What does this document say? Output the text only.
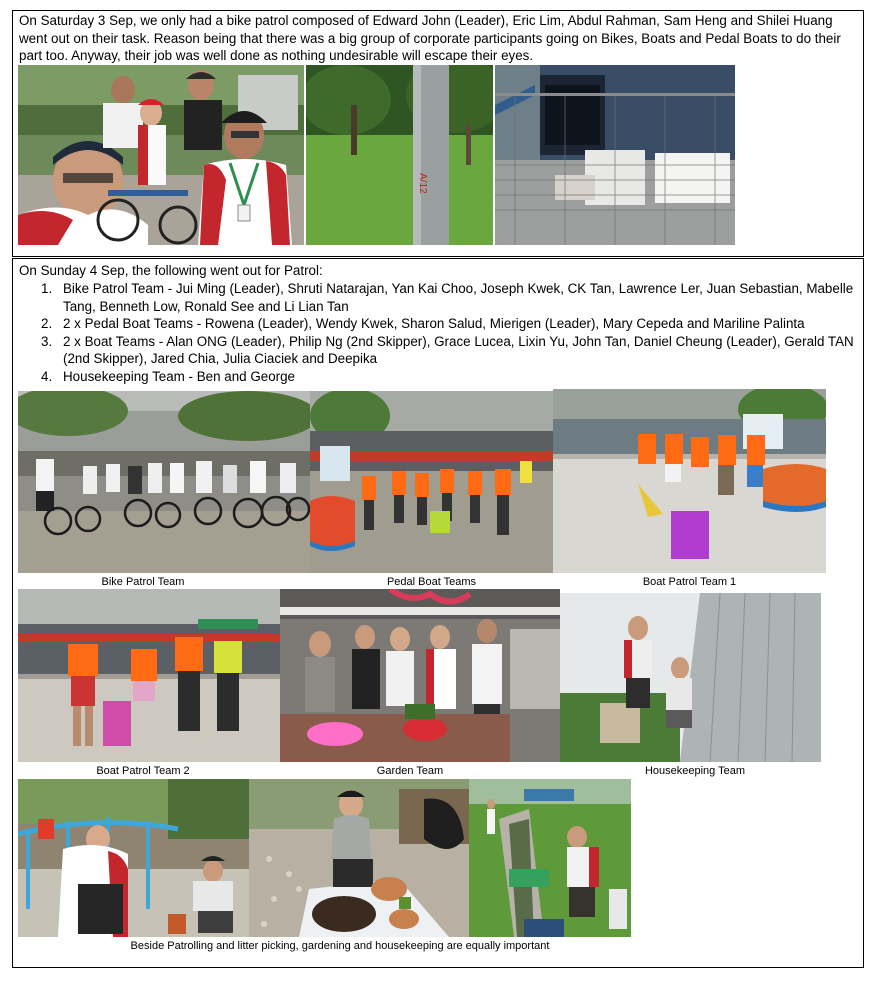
On Saturday 3 Sep, we only had a bike patrol composed of Edward John (Leader), Eric Lim, Abdul Rahman, Sam Heng and Shilei Huang went out on their task. Reason being that there was a big group of corporate participants going on Bikes, Boats and Pedal Boats to do their part too. Anyway, their job was well done as nothing undesirable will escape their eyes.

A/12

On Sunday 4 Sep, the following went out for Patrol:

1. Bike Patrol Team - Jui Ming (Leader), Shruti Natarajan, Yan Kai Choo, Joseph Kwek, CK Tan, Lawrence Ler, Juan Sebastian, Mabelle Tang, Benneth Low, Ronald See and Li Lian Tan
2. 2 x Pedal Boat Teams - Rowena (Leader), Wendy Kwek, Sharon Salud, Mierigen (Leader), Mary Cepeda and Mariline Palinta
3. 2 x Boat Teams - Alan ONG (Leader), Philip Ng (2nd Skipper), Grace Lucea, Lixin Yu, John Tan, Daniel Cheung (Leader), Gerald TAN (2nd Skipper), Jared Chia, Julia Ciaciek and Deepika
4. Housekeeping Team - Ben and George
Bike Patrol Team	Pedal Boat Teams	Boat Patrol Team 1
Boat Patrol Team 2	Garden Team	Housekeeping Team
Beside Patrolling and litter picking, gardening and housekeeping are equally important
